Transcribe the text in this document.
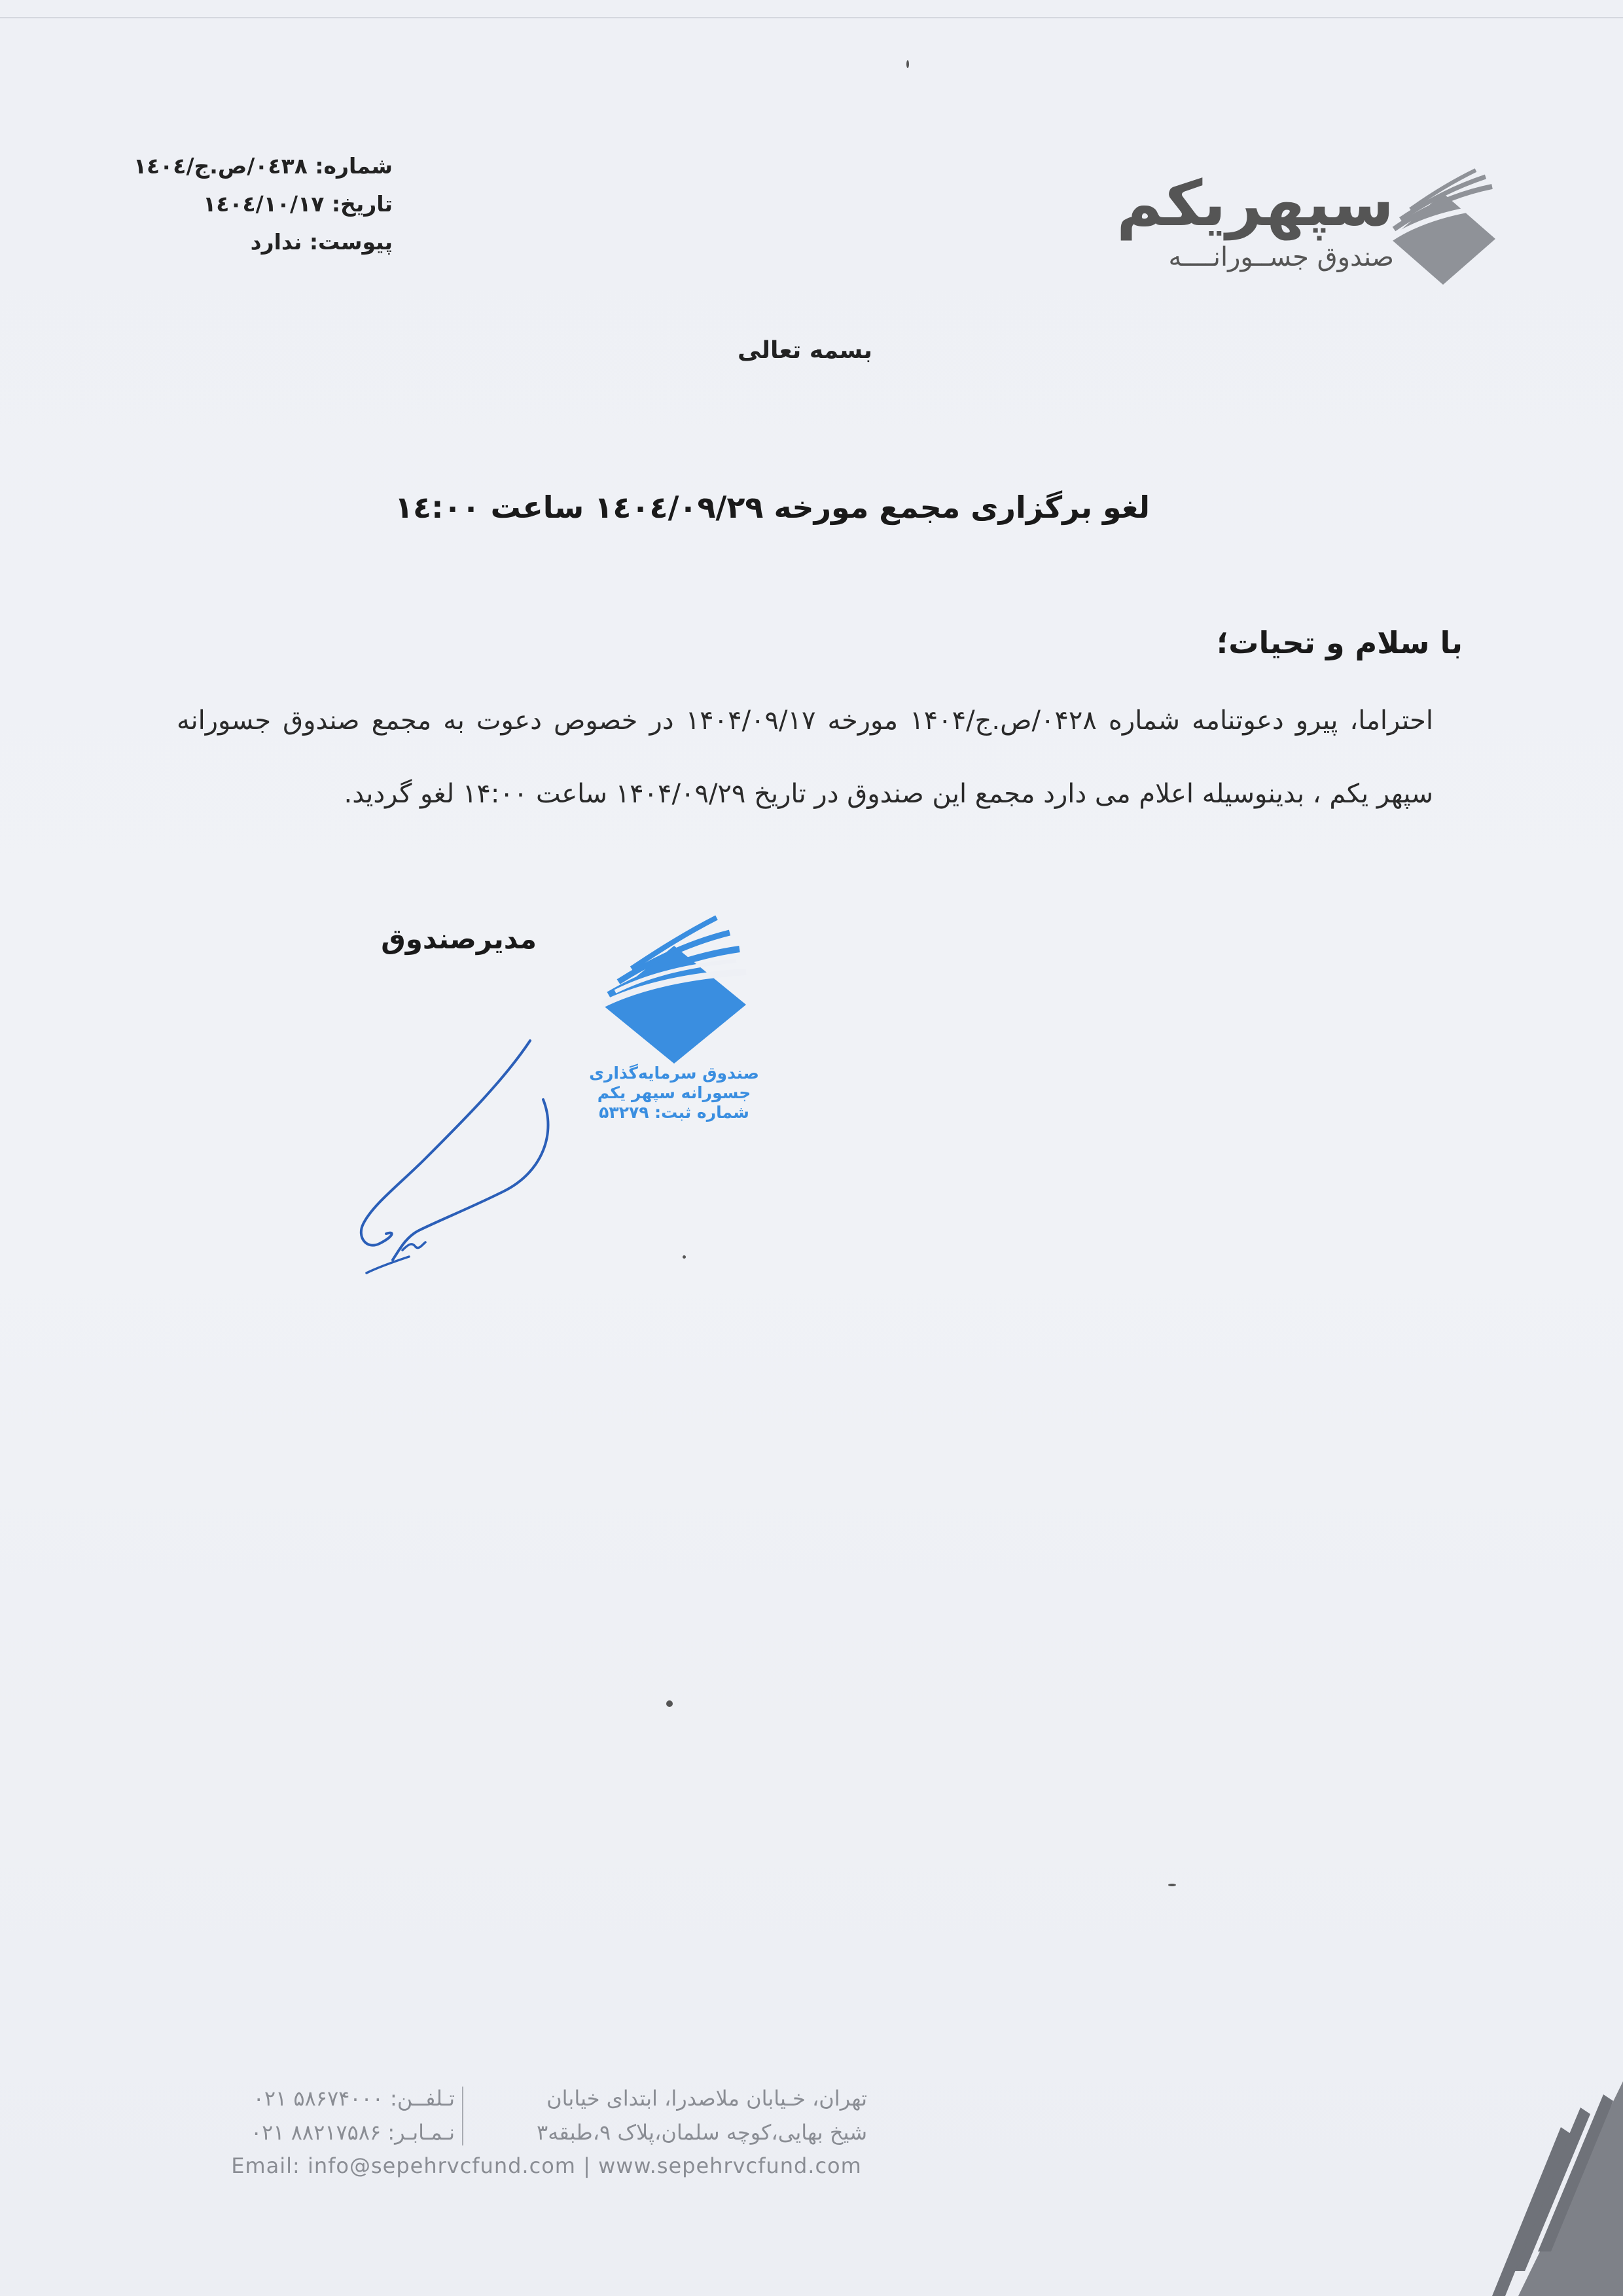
شماره: ۰٤۳۸/ص.ج/۱٤۰٤
تاریخ: ۱٤۰٤/۱۰/۱۷
پیوست: ندارد
سپهریکم
صندوق جســورانــــه
بسمه تعالی
لغو برگزاری مجمع مورخه ۱٤۰٤/۰۹/۲۹ ساعت ۱٤:۰۰
با سلام و تحیات؛
احتراما، پیرو دعوتنامه شماره ۰۴۲۸/ص.ج/۱۴۰۴ مورخه ۱۴۰۴/۰۹/۱۷ در خصوص دعوت به مجمع صندوق جسورانه سپهر یکم ، بدینوسیله اعلام می دارد مجمع این صندوق در تاریخ ۱۴۰۴/۰۹/۲۹ ساعت ۱۴:۰۰ لغو گردید.
مدیرصندوق
صندوق سرمایه‌گذاری
جسورانه سپهر یکم
شماره ثبت: ۵۳۲۷۹
تهران، خـیابان ملاصدرا، ابتدای خیابان
شیخ بهایی،کوچه سلمان،پلاک ۹،طبقه۳
تـلفــن: ۵۸۶۷۴۰۰۰ ۰۲۱
نـمـابـر: ۸۸۲۱۷۵۸۶ ۰۲۱
Email: info@sepehrvcfund.com | www.sepehrvcfund.com
